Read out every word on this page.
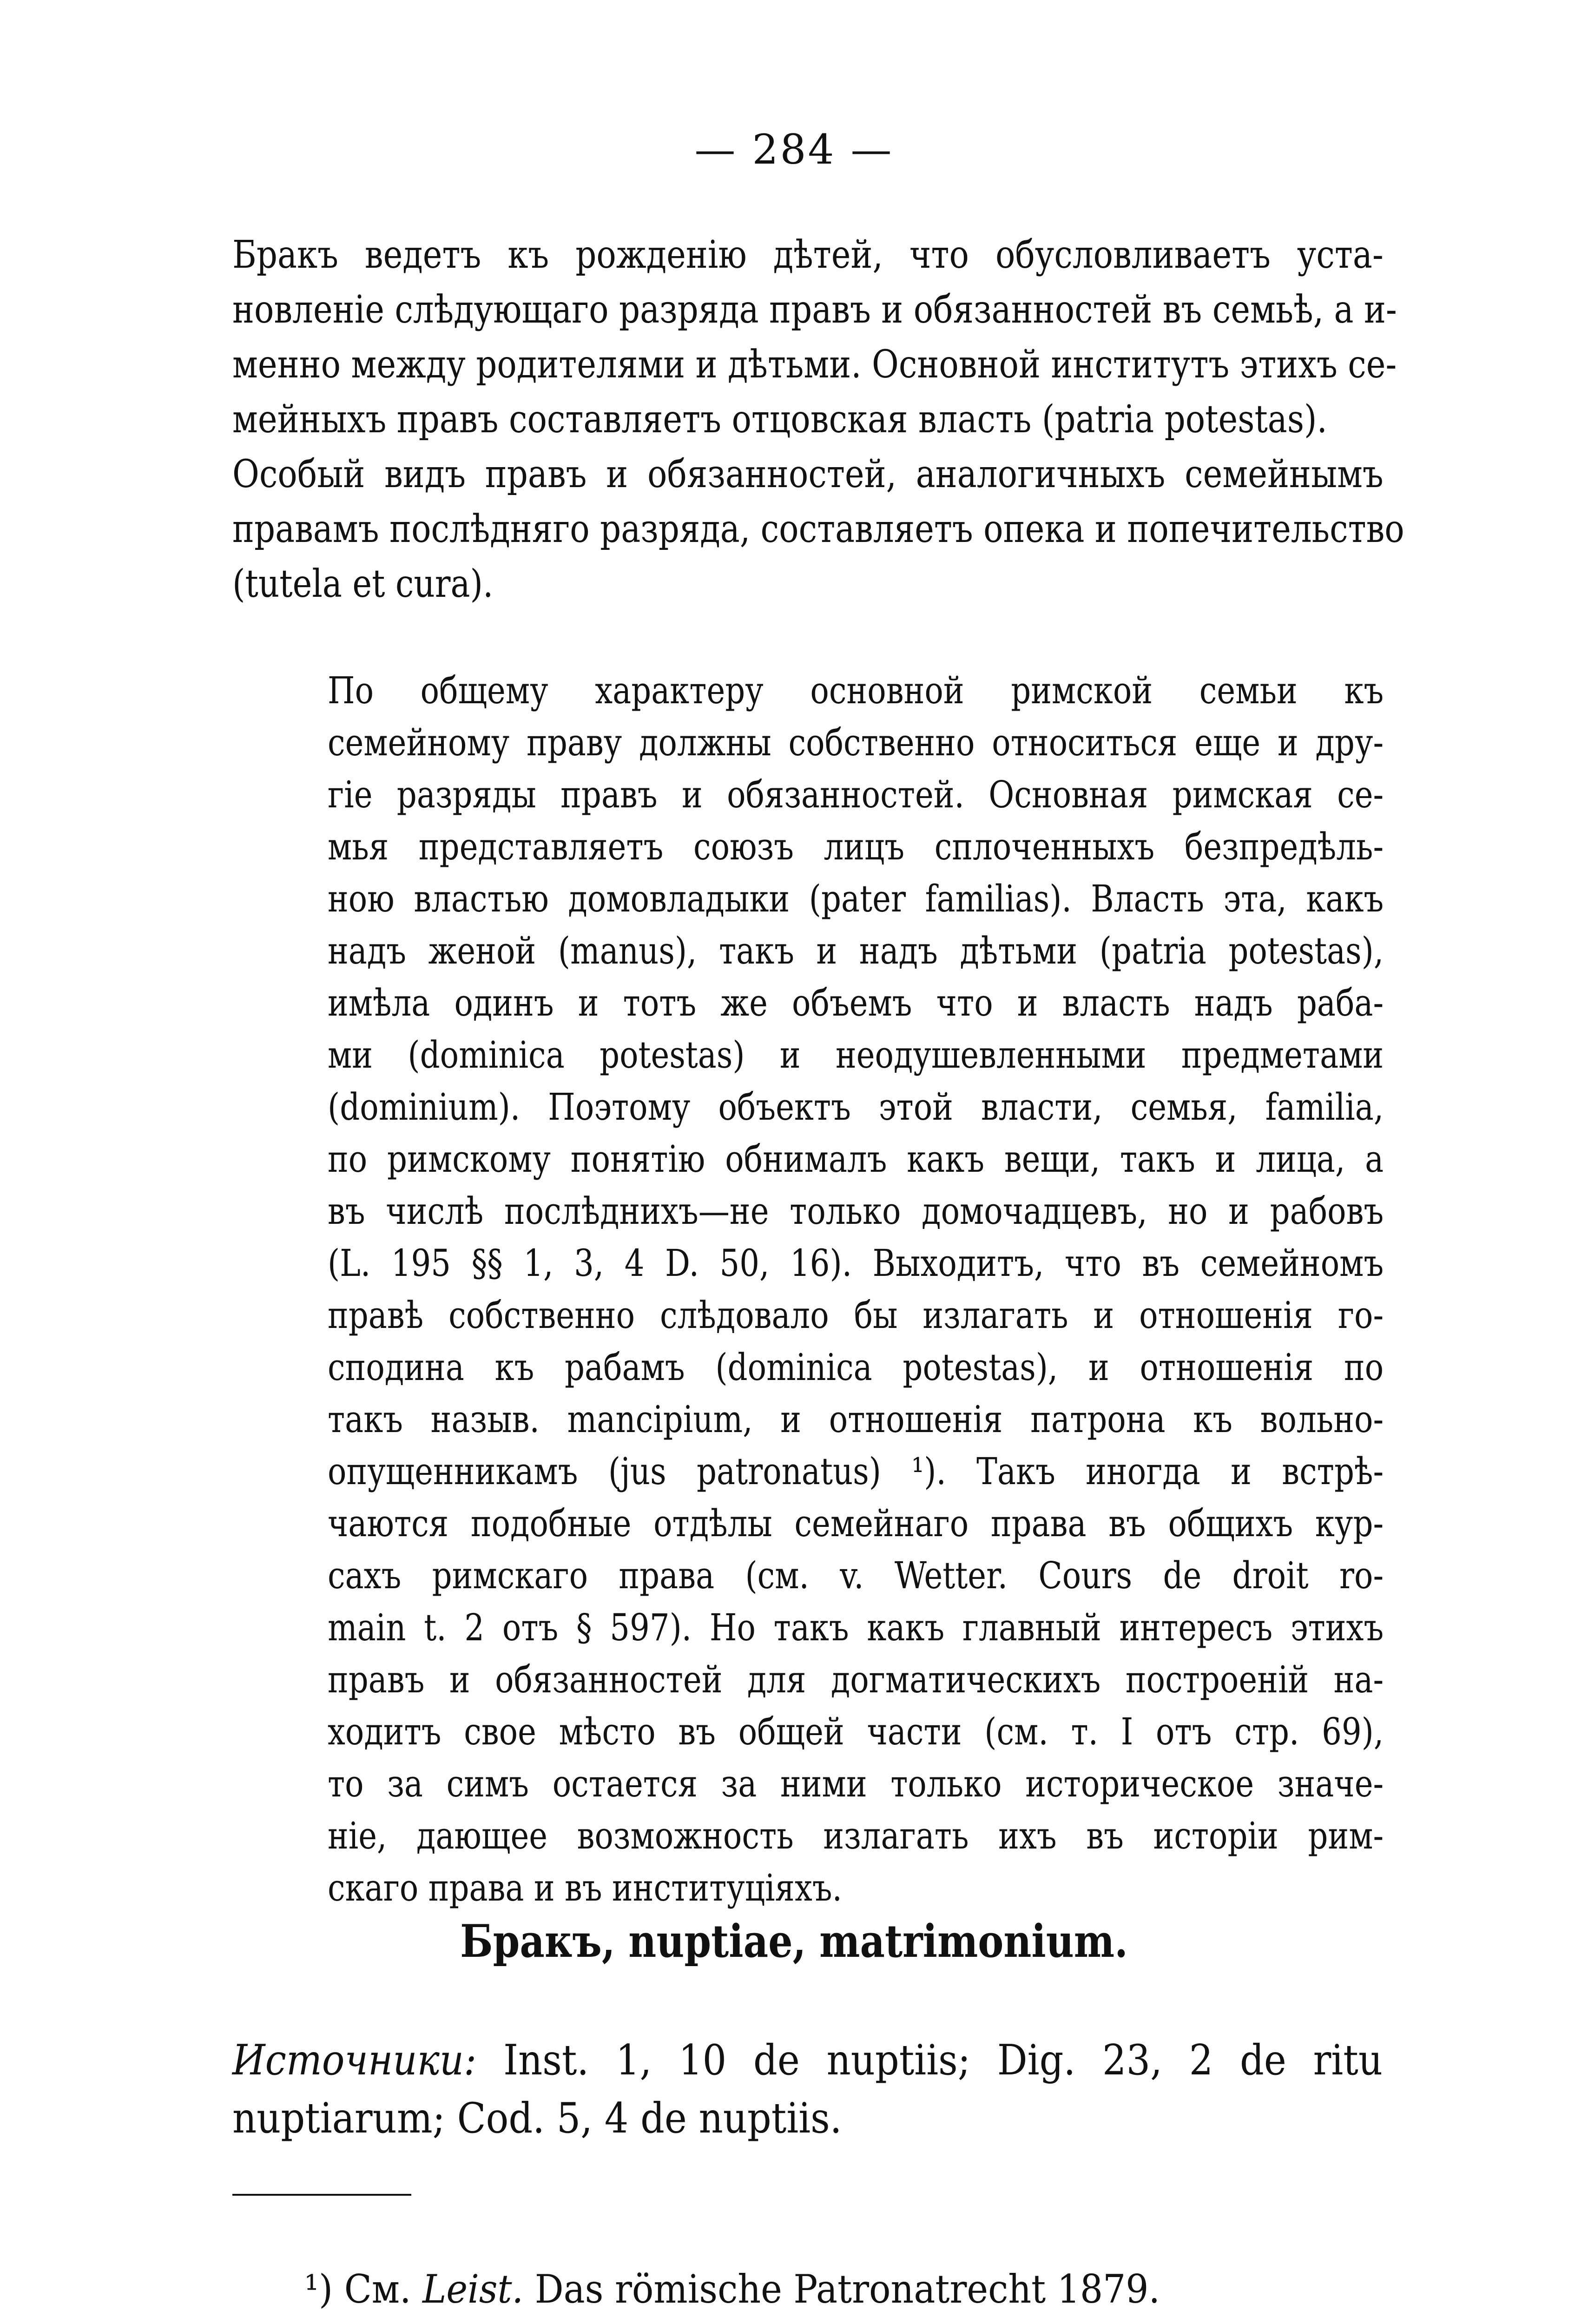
— 284 —

Бракъ ведетъ къ рожденію дѣтей, что обусловливаетъ уста-
новленіе слѣдующаго разряда правъ и обязанностей въ семьѣ, а и-
менно между родителями и дѣтьми. Основной институтъ этихъ се-
мейныхъ правъ составляетъ отцовская власть (patria potestas).
Особый видъ правъ и обязанностей, аналогичныхъ семейнымъ
правамъ послѣдняго разряда, составляетъ опека и попечительство
(tutela et cura).

По общему характеру основной римской семьи къ
семейному праву должны собственно относиться еще и дру-
гіе разряды правъ и обязанностей. Основная римская се-
мья представляетъ союзъ лицъ сплоченныхъ безпредѣль-
ною властью домовладыки (pater familias). Власть эта, какъ
надъ женой (manus), такъ и надъ дѣтьми (patria potestas),
имѣла одинъ и тотъ же объемъ что и власть надъ раба-
ми (dominica potestas) и неодушевленными предметами
(dominium). Поэтому объектъ этой власти, семья, familia,
по римскому понятію обнималъ какъ вещи, такъ и лица, а
въ числѣ послѣднихъ—не только домочадцевъ, но и рабовъ
(L. 195 §§ 1, 3, 4 D. 50, 16). Выходитъ, что въ семейномъ
правѣ собственно слѣдовало бы излагать и отношенія го-
сподина къ рабамъ (dominica potestas), и отношенія по
такъ назыв. mancipium, и отношенія патрона къ вольно-
опущенникамъ (jus patronatus) ¹). Такъ иногда и встрѣ-
чаются подобные отдѣлы семейнаго права въ общихъ кур-
сахъ римскаго права (см. v. Wetter. Cours de droit ro-
main t. 2 отъ § 597). Но такъ какъ главный интересъ этихъ
правъ и обязанностей для догматическихъ построеній на-
ходитъ свое мѣсто въ общей части (см. т. I отъ стр. 69),
то за симъ остается за ними только историческое значе-
ніе, дающее возможность излагать ихъ въ исторіи рим-
скаго права и въ институціяхъ.

Бракъ, nuptiae, matrimonium.
Источники: Inst. 1, 10 de nuptiis; Dig. 23, 2 de ritu
nuptiarum; Cod. 5, 4 de nuptiis.
¹) См. Leist. Das römische Patronatrecht 1879.
